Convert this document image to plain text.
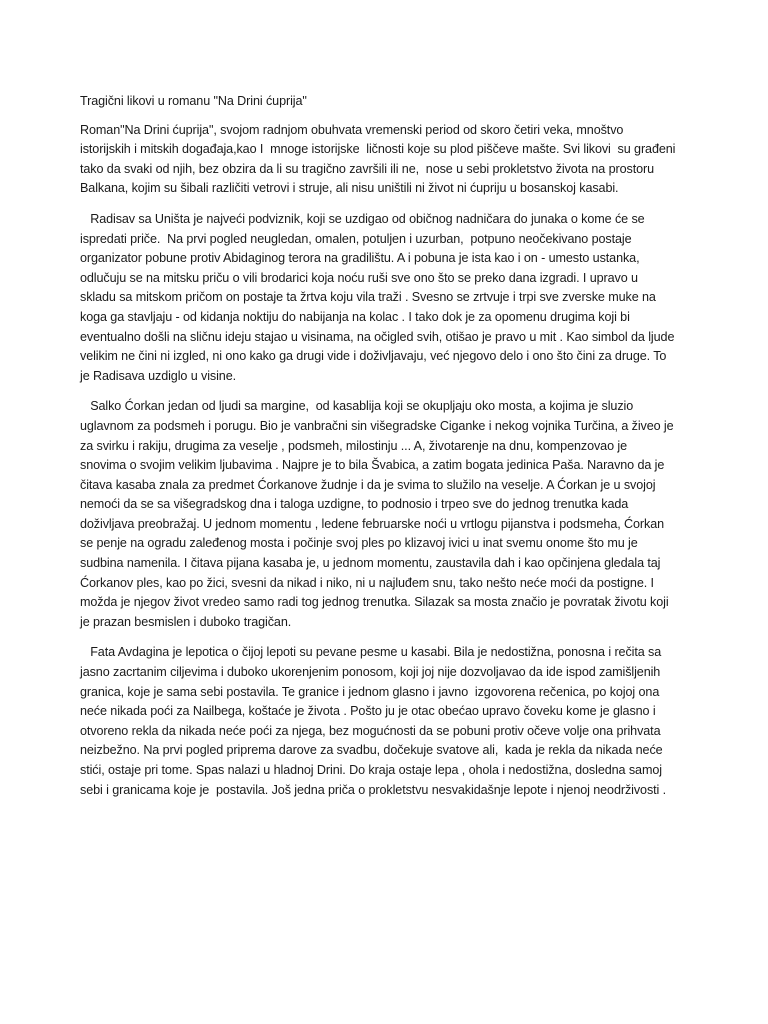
Tragični likovi u romanu "Na Drini ćuprija"

Roman"Na Drini ćuprija", svojom radnjom obuhvata vremenski period od skoro četiri veka, mnoštvo istorijskih i mitskih događaja,kao I  mnoge istorijske  ličnosti koje su plod piščeve mašte. Svi likovi  su građeni tako da svaki od njih, bez obzira da li su tragično završili ili ne,  nose u sebi prokletstvo života na prostoru Balkana, kojim su šibali različiti vetrovi i struje, ali nisu uništili ni život ni ćupriju u bosanskoj kasabi.

Radisav sa Uništa je najveći podviznik, koji se uzdigao od običnog nadničara do junaka o kome će se ispredati priče.  Na prvi pogled neugledan, omalen, potuljen i uzurban,  potpuno neočekivano postaje organizator pobune protiv Abidaginog terora na gradilištu. A i pobuna je ista kao i on - umesto ustanka, odlučuju se na mitsku priču o vili brodarici koja noću ruši sve ono što se preko dana izgradi. I upravo u skladu sa mitskom pričom on postaje ta žrtva koju vila traži . Svesno se zrtvuje i trpi sve zverske muke na koga ga stavljaju - od kidanja noktiju do nabijanja na kolac . I tako dok je za opomenu drugima koji bi eventualno došli na sličnu ideju stajao u visinama, na očigled svih, otišao je pravo u mit . Kao simbol da ljude velikim ne čini ni izgled, ni ono kako ga drugi vide i doživljavaju, već njegovo delo i ono što čini za druge. To je Radisava uzdiglo u visine.

Salko Ćorkan jedan od ljudi sa margine,  od kasablija koji se okupljaju oko mosta, a kojima je sluzio uglavnom za podsmeh i porugu. Bio je vanbračni sin višegradske Ciganke i nekog vojnika Turčina, a živeo je za svirku i rakiju, drugima za veselje , podsmeh, milostinju ... A, životarenje na dnu, kompenzovao je snovima o svojim velikim ljubavima . Najpre je to bila Švabica, a zatim bogata jedinica Paša. Naravno da je čitava kasaba znala za predmet Ćorkanove žudnje i da je svima to služilo na veselje. A Ćorkan je u svojoj nemoći da se sa višegradskog dna i taloga uzdigne, to podnosio i trpeo sve do jednog trenutka kada doživljava preobražaj. U jednom momentu , ledene februarske noći u vrtlogu pijanstva i podsmeha, Ćorkan se penje na ogradu zaleđenog mosta i počinje svoj ples po klizavoj ivici u inat svemu onome što mu je sudbina namenila. I čitava pijana kasaba je, u jednom momentu, zaustavila dah i kao opčinjena gledala taj Ćorkanov ples, kao po žici, svesni da nikad i niko, ni u najluđem snu, tako nešto neće moći da postigne. I možda je njegov život vredeo samo radi tog jednog trenutka. Silazak sa mosta značio je povratak životu koji je prazan besmislen i duboko tragičan.

Fata Avdagina je lepotica o čijoj lepoti su pevane pesme u kasabi. Bila je nedostižna, ponosna i rečita sa jasno zacrtanim ciljevima i duboko ukorenjenim ponosom, koji joj nije dozvoljavao da ide ispod zamišljenih granica, koje je sama sebi postavila. Te granice i jednom glasno i javno  izgovorena rečenica, po kojoj ona neće nikada poći za Nailbega, koštaće je života . Pošto ju je otac obećao upravo čoveku kome je glasno i otvoreno rekla da nikada neće poći za njega, bez mogućnosti da se pobuni protiv očeve volje ona prihvata neizbežno. Na prvi pogled priprema darove za svadbu, dočekuje svatove ali,  kada je rekla da nikada neće stići, ostaje pri tome. Spas nalazi u hladnoj Drini. Do kraja ostaje lepa , ohola i nedostižna, dosledna samoj sebi i granicama koje je  postavila. Još jedna priča o prokletstvu nesvakidašnje lepote i njenoj neodrživosti .
